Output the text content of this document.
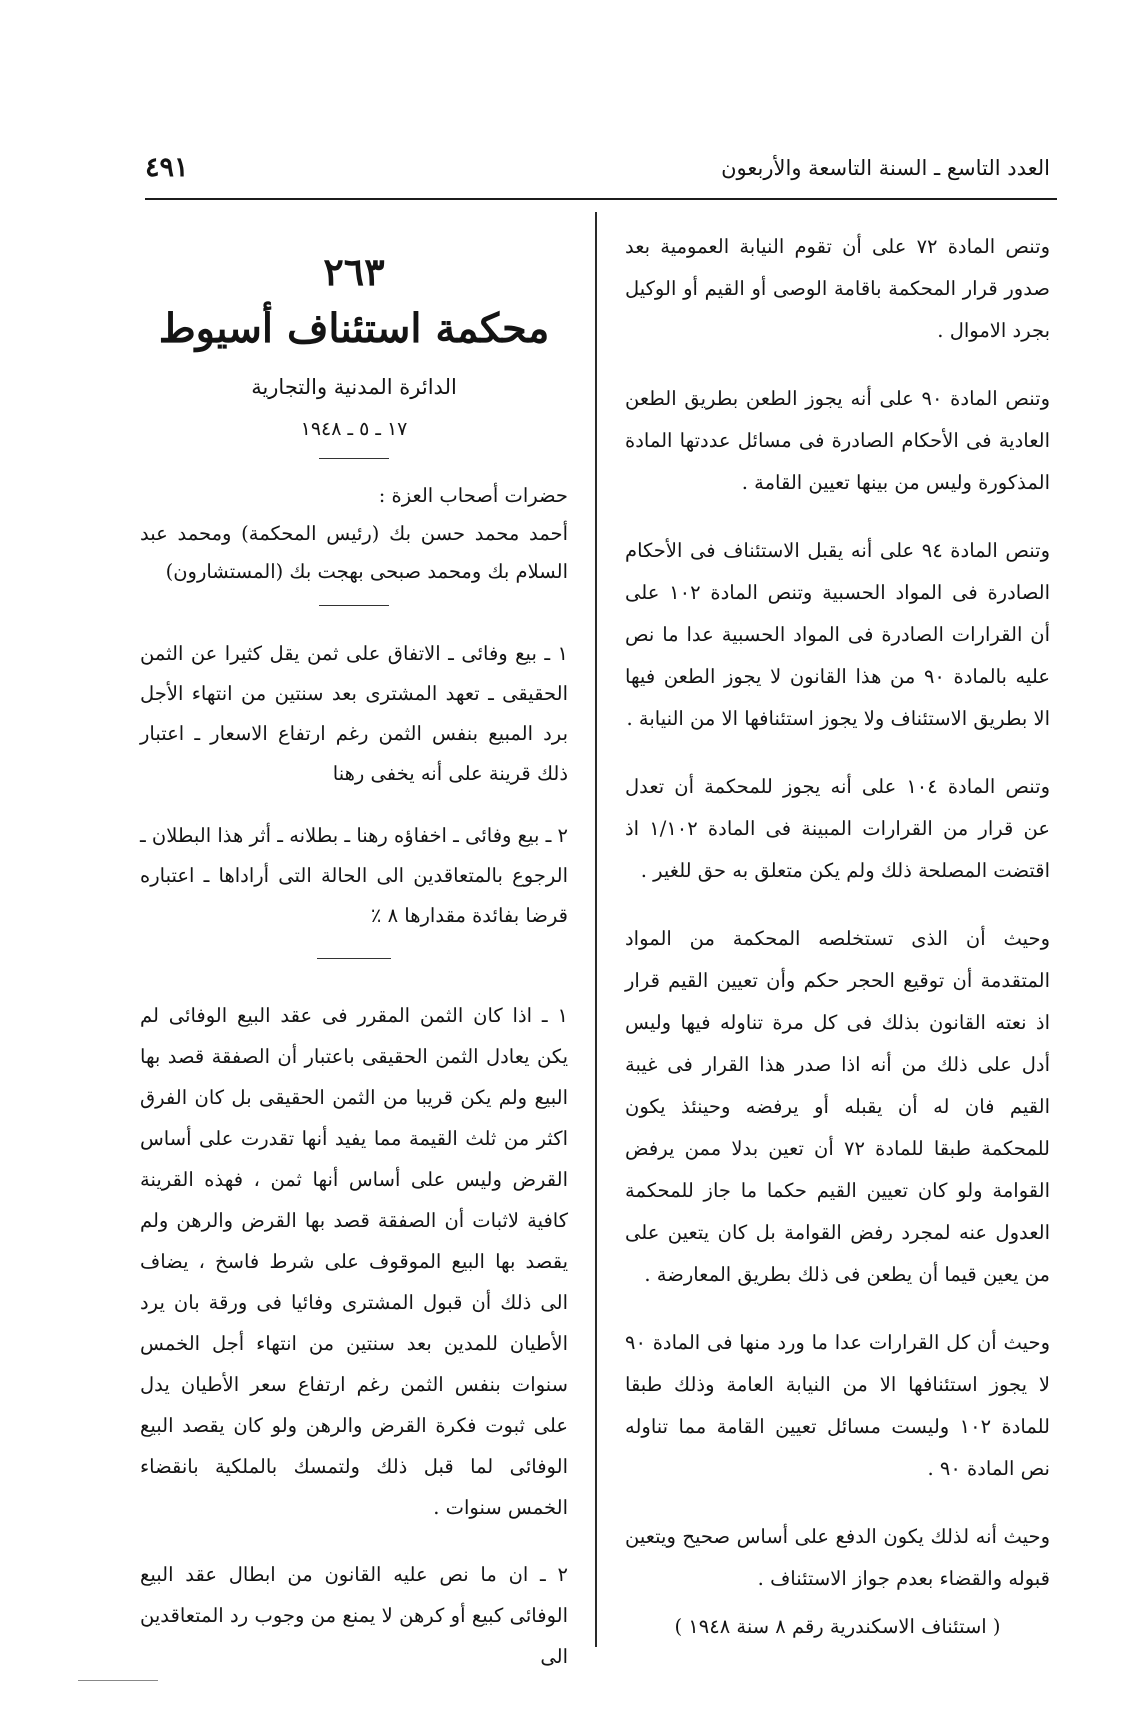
العدد التاسع ـ السنة التاسعة والأربعون
٤٩١

وتنص المادة ٧٢ على أن تقوم النيابة العمومية بعد صدور قرار المحكمة باقامة الوصى أو القيم أو الوكيل بجرد الاموال .

وتنص المادة ٩٠ على أنه يجوز الطعن بطريق الطعن العادية فى الأحكام الصادرة فى مسائل عددتها المادة المذكورة وليس من بينها تعيين القامة .

وتنص المادة ٩٤ على أنه يقبل الاستئناف فى الأحكام الصادرة فى المواد الحسبية وتنص المادة ١٠٢ على أن القرارات الصادرة فى المواد الحسبية عدا ما نص عليه بالمادة ٩٠ من هذا القانون لا يجوز الطعن فيها الا بطريق الاستئناف ولا يجوز استئنافها الا من النيابة .

وتنص المادة ١٠٤ على أنه يجوز للمحكمة أن تعدل عن قرار من القرارات المبينة فى المادة ١/١٠٢ اذ اقتضت المصلحة ذلك ولم يكن متعلق به حق للغير .

وحيث أن الذى تستخلصه المحكمة من المواد المتقدمة أن توقيع الحجر حكم وأن تعيين القيم قرار اذ نعته القانون بذلك فى كل مرة تناوله فيها وليس أدل على ذلك من أنه اذا صدر هذا القرار فى غيبة القيم فان له أن يقبله أو يرفضه وحينئذ يكون للمحكمة طبقا للمادة ٧٢ أن تعين بدلا ممن يرفض القوامة ولو كان تعيين القيم حكما ما جاز للمحكمة العدول عنه لمجرد رفض القوامة بل كان يتعين على من يعين قيما أن يطعن فى ذلك بطريق المعارضة .

وحيث أن كل القرارات عدا ما ورد منها فى المادة ٩٠ لا يجوز استئنافها الا من النيابة العامة وذلك طبقا للمادة ١٠٢ وليست مسائل تعيين القامة مما تناوله نص المادة ٩٠ .

وحيث أنه لذلك يكون الدفع على أساس صحيح ويتعين قبوله والقضاء بعدم جواز الاستئناف .

( استئناف الاسكندرية رقم ٨ سنة ١٩٤٨ )

٢٦٣
محكمة استئناف أسيوط
الدائرة المدنية والتجارية
١٧ ـ ٥ ـ ١٩٤٨

حضرات أصحاب العزة :

أحمد محمد حسن بك (رئيس المحكمة) ومحمد عبد السلام بك ومحمد صبحى بهجت بك (المستشارون)

١ ـ بيع وفائى ـ الاتفاق على ثمن يقل كثيرا عن الثمن الحقيقى ـ تعهد المشترى بعد سنتين من انتهاء الأجل برد المبيع بنفس الثمن رغم ارتفاع الاسعار ـ اعتبار ذلك قرينة على أنه يخفى رهنا

٢ ـ بيع وفائى ـ اخفاؤه رهنا ـ بطلانه ـ أثر هذا البطلان ـ الرجوع بالمتعاقدين الى الحالة التى أراداها ـ اعتباره قرضا بفائدة مقدارها ٨ ٪

١ ـ اذا كان الثمن المقرر فى عقد البيع الوفائى لم يكن يعادل الثمن الحقيقى باعتبار أن الصفقة قصد بها البيع ولم يكن قريبا من الثمن الحقيقى بل كان الفرق اكثر من ثلث القيمة مما يفيد أنها تقدرت على أساس القرض وليس على أساس أنها ثمن ، فهذه القرينة كافية لاثبات أن الصفقة قصد بها القرض والرهن ولم يقصد بها البيع الموقوف على شرط فاسخ ، يضاف الى ذلك أن قبول المشترى وفائيا فى ورقة بان يرد الأطيان للمدين بعد سنتين من انتهاء أجل الخمس سنوات بنفس الثمن رغم ارتفاع سعر الأطيان يدل على ثبوت فكرة القرض والرهن ولو كان يقصد البيع الوفائى لما قبل ذلك ولتمسك بالملكية بانقضاء الخمس سنوات .

٢ ـ ان ما نص عليه القانون من ابطال عقد البيع الوفائى كبيع أو كرهن لا يمنع من وجوب رد المتعاقدين الى
